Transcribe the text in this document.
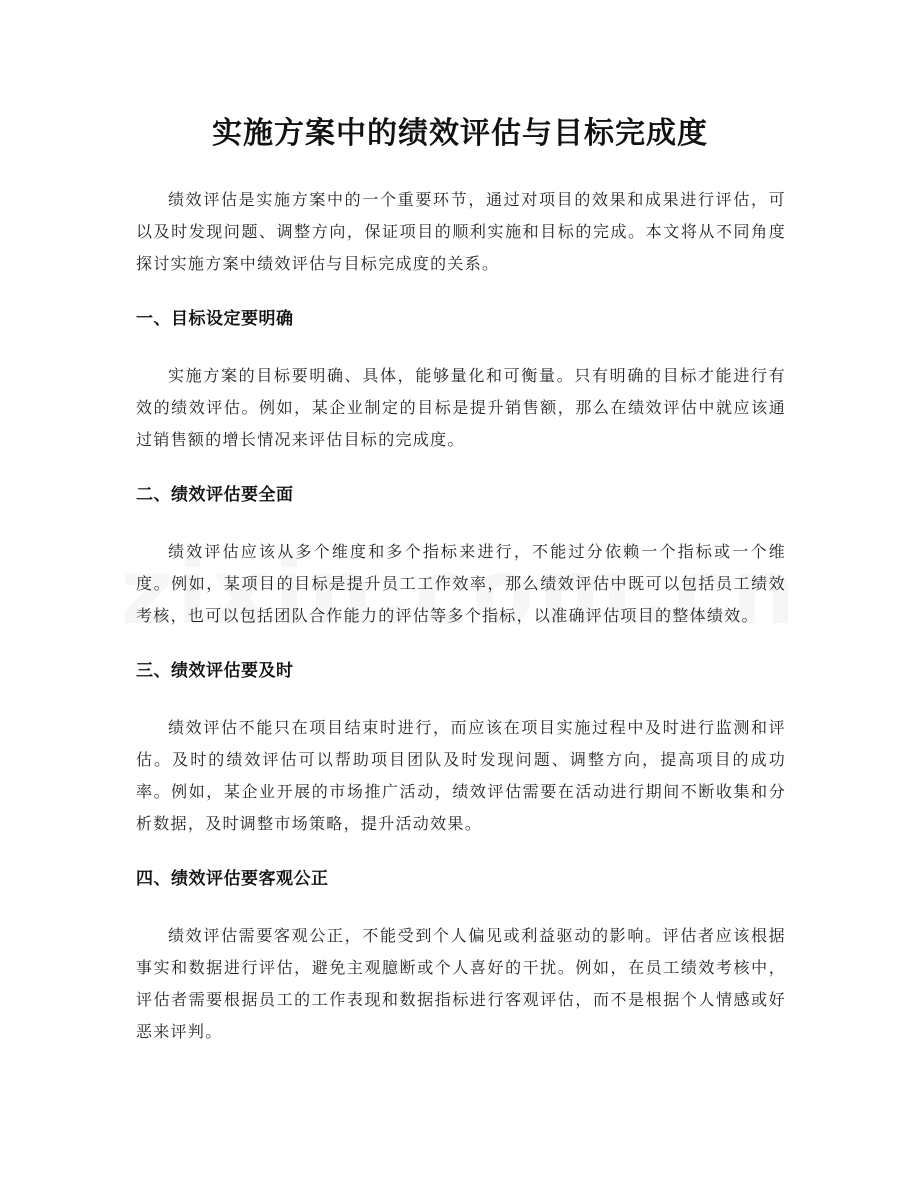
实施方案中的绩效评估与目标完成度

绩效评估是实施方案中的一个重要环节，通过对项目的效果和成果进行评估，可以及时发现问题、调整方向，保证项目的顺利实施和目标的完成。本文将从不同角度探讨实施方案中绩效评估与目标完成度的关系。

一、目标设定要明确

实施方案的目标要明确、具体，能够量化和可衡量。只有明确的目标才能进行有效的绩效评估。例如，某企业制定的目标是提升销售额，那么在绩效评估中就应该通过销售额的增长情况来评估目标的完成度。

二、绩效评估要全面

绩效评估应该从多个维度和多个指标来进行，不能过分依赖一个指标或一个维度。例如，某项目的目标是提升员工工作效率，那么绩效评估中既可以包括员工绩效考核，也可以包括团队合作能力的评估等多个指标，以准确评估项目的整体绩效。

三、绩效评估要及时

绩效评估不能只在项目结束时进行，而应该在项目实施过程中及时进行监测和评估。及时的绩效评估可以帮助项目团队及时发现问题、调整方向，提高项目的成功率。例如，某企业开展的市场推广活动，绩效评估需要在活动进行期间不断收集和分析数据，及时调整市场策略，提升活动效果。

四、绩效评估要客观公正

绩效评估需要客观公正，不能受到个人偏见或利益驱动的影响。评估者应该根据事实和数据进行评估，避免主观臆断或个人喜好的干扰。例如，在员工绩效考核中，评估者需要根据员工的工作表现和数据指标进行客观评估，而不是根据个人情感或好恶来评判。
